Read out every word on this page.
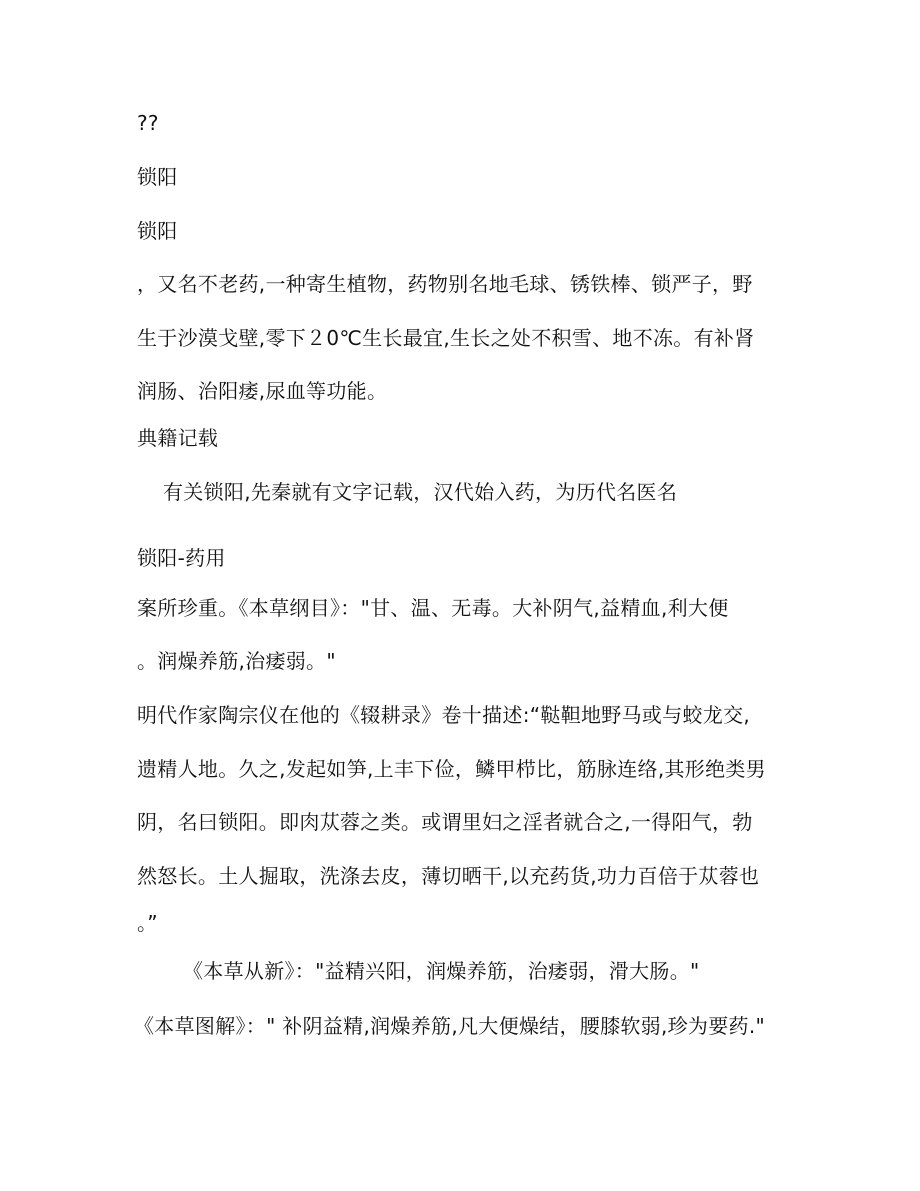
??
锁阳
锁阳
，又名不老药,一种寄生植物，药物别名地毛球、锈铁棒、锁严子，野
生于沙漠戈壁,零下２0℃生长最宜,生长之处不积雪、地不冻。有补肾
润肠、治阳痿,尿血等功能。
典籍记载
有关锁阳,先秦就有文字记载，汉代始入药，为历代名医名
锁阳-药用
案所珍重。《本草纲目》："甘、温、无毒。大补阴气,益精血,利大便
。润燥养筋,治痿弱。"
明代作家陶宗仪在他的《辍耕录》卷十描述:“鞑靼地野马或与蛟龙交,
遗精人地。久之,发起如笋,上丰下俭，鳞甲栉比，筋脉连络,其形绝类男
阴，名曰锁阳。即肉苁蓉之类。或谓里妇之淫者就合之,一得阳气，勃
然怒长。土人掘取，洗涤去皮，薄切晒干,以充药货,功力百倍于苁蓉也
。”
《本草从新》："益精兴阳，润燥养筋，治痿弱，滑大肠。"
《本草图解》：" 补阴益精,润燥养筋,凡大便燥结，腰膝软弱,珍为要药."
